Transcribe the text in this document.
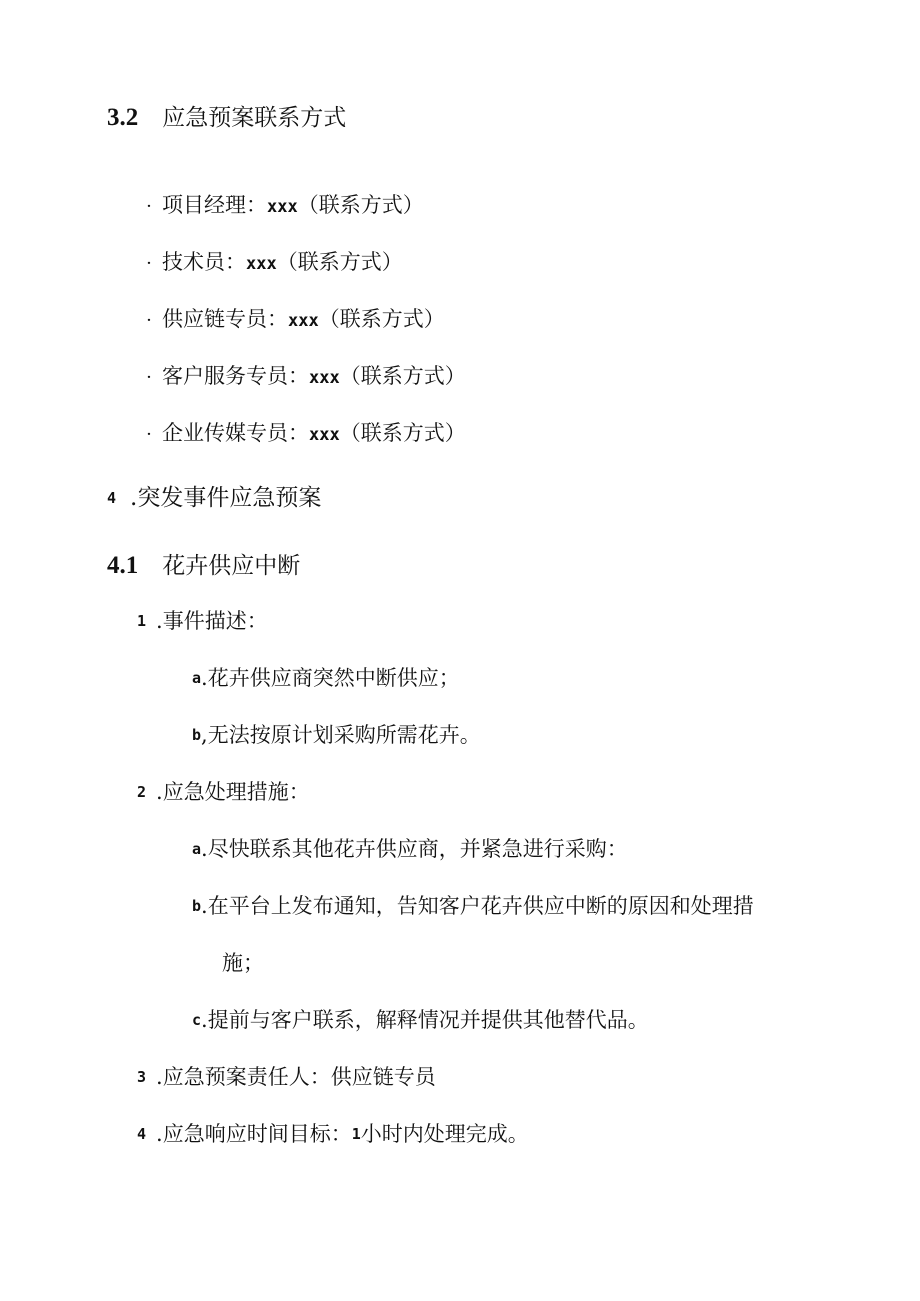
3.2 应急预案联系方式
· 项目经理：xxx（联系方式）
· 技术员：xxx（联系方式）
· 供应链专员：xxx（联系方式）
· 客户服务专员：xxx（联系方式）
· 企业传媒专员：xxx（联系方式）
4 .突发事件应急预案
4.1 花卉供应中断
1 .事件描述：
a.花卉供应商突然中断供应；
b,无法按原计划采购所需花卉。
2 .应急处理措施：
a.尽快联系其他花卉供应商，并紧急进行采购：
b.在平台上发布通知，告知客户花卉供应中断的原因和处理措
施；
c.提前与客户联系，解释情况并提供其他替代品。
3 .应急预案责任人：供应链专员
4 .应急响应时间目标：1小时内处理完成。
